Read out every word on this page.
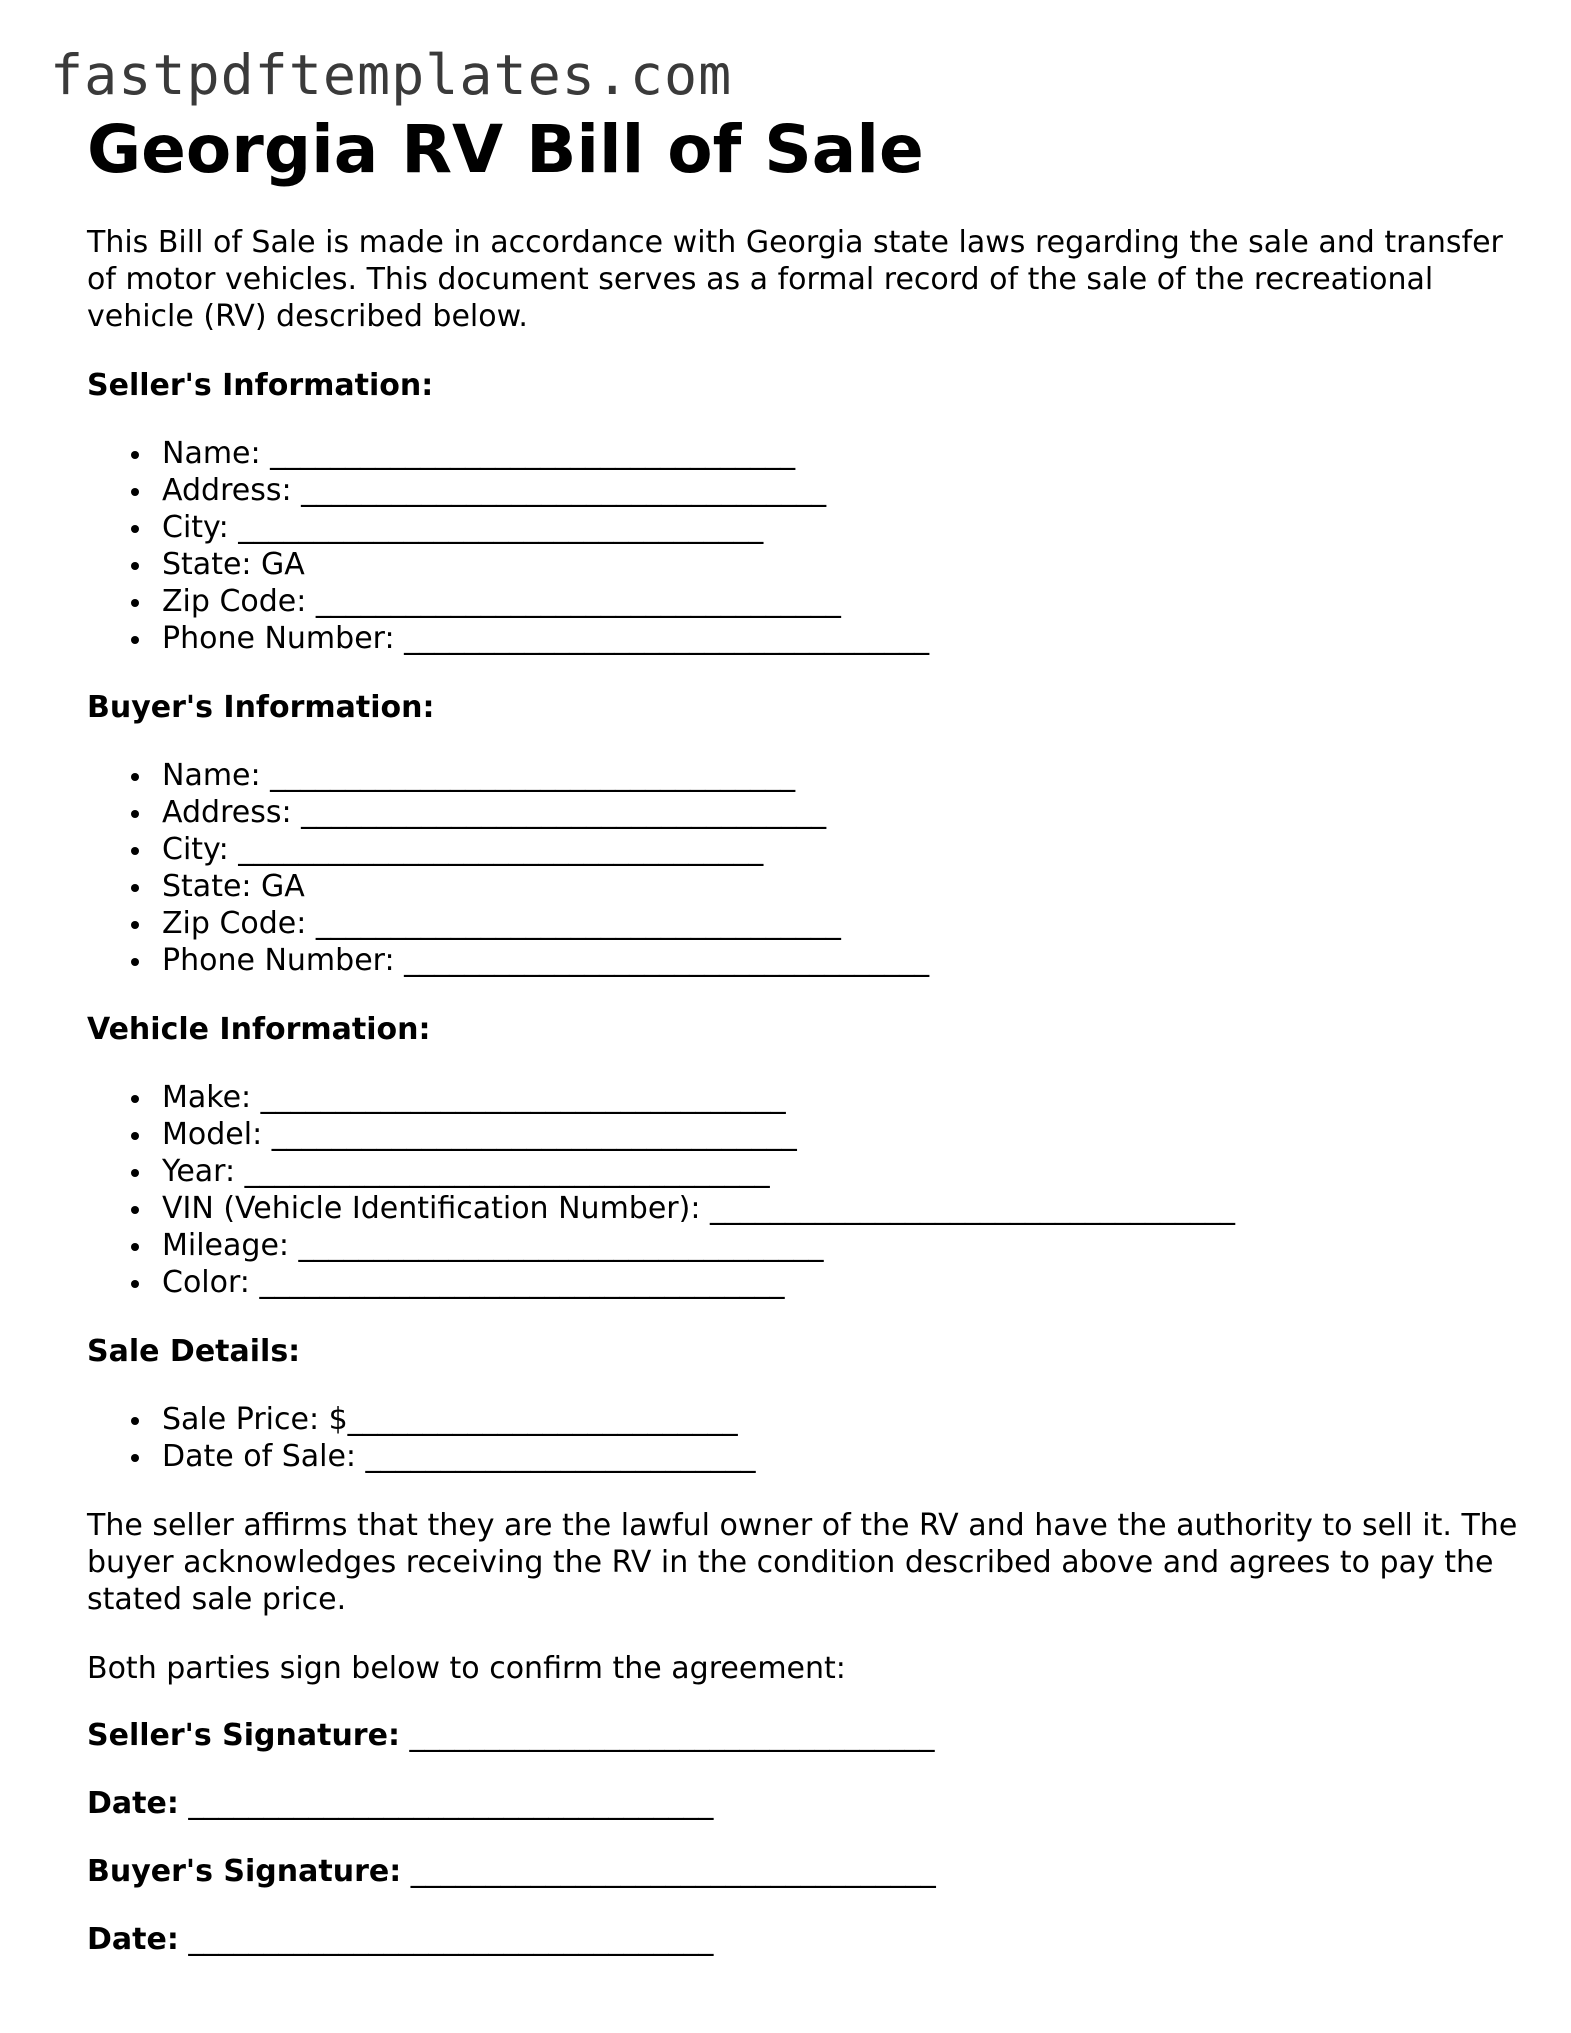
fastpdftemplates.com
Georgia RV Bill of Sale

This Bill of Sale is made in accordance with Georgia state laws regarding the sale and transfer of motor vehicles. This document serves as a formal record of the sale of the recreational vehicle (RV) described below.

Seller's Information:
Name: ___________________________________
Address: ___________________________________
City: ___________________________________
State: GA
Zip Code: ___________________________________
Phone Number: ___________________________________
Buyer's Information:
Name: ___________________________________
Address: ___________________________________
City: ___________________________________
State: GA
Zip Code: ___________________________________
Phone Number: ___________________________________
Vehicle Information:
Make: ___________________________________
Model: ___________________________________
Year: ___________________________________
VIN (Vehicle Identification Number): ___________________________________
Mileage: ___________________________________
Color: ___________________________________
Sale Details:
Sale Price: $__________________________
Date of Sale: __________________________

The seller affirms that they are the lawful owner of the RV and have the authority to sell it. The buyer acknowledges receiving the RV in the condition described above and agrees to pay the stated sale price.

Both parties sign below to confirm the agreement:

Seller's Signature: ___________________________________

Date: ___________________________________

Buyer's Signature: ___________________________________

Date: ___________________________________
